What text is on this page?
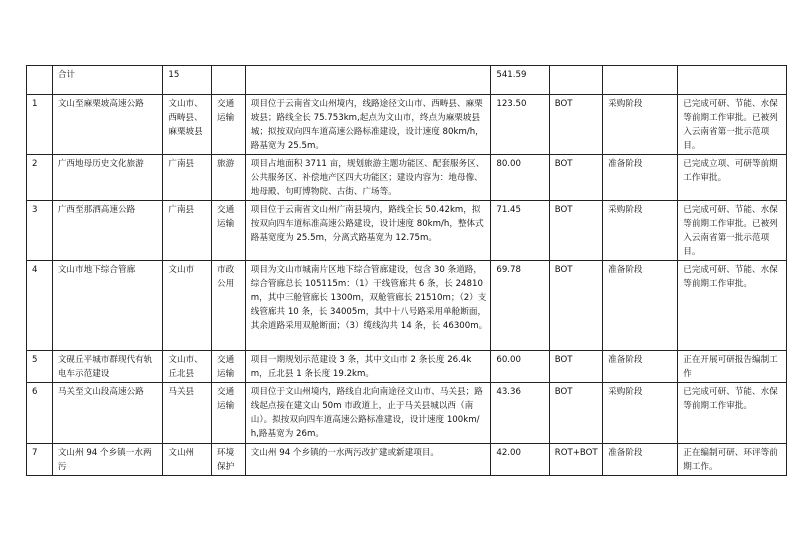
	合计	15			541.59			
1	文山至麻栗坡高速公路	文山市、西畴县、麻栗坡县	交通运输	项目位于云南省文山州境内，线路途径文山市、西畴县、麻栗坡县；路线全长 75.753km,起点为文山市，终点为麻栗坡县城；拟按双向四车道高速公路标准建设，设计速度 80km/h，路基宽为 25.5m。	123.50	BOT	采购阶段	已完成可研、节能、水保等前期工作审批。已被列入云南省第一批示范项目。
2	广西地母历史文化旅游	广南县	旅游	项目占地面积 3711 亩，规划旅游主题功能区、配套服务区、公共服务区、补偿地产区四大功能区；建设内容为：地母像、地母殿、句町博物院、古街、广场等。	80.00	BOT	准备阶段	已完成立项、可研等前期工作审批。
3	广西至那洒高速公路	广南县	交通运输	项目位于云南省文山州广南县境内，路线全长 50.42km，拟按双向四车道标准高速公路建设，设计速度 80km/h，整体式路基宽度为 25.5m，分离式路基宽为 12.75m。	71.45	BOT	采购阶段	已完成可研、节能、水保等前期工作审批。已被列入云南省第一批示范项目。
4	文山市地下综合管廊	文山市	市政公用	项目为文山市城南片区地下综合管廊建设，包含 30 条道路，综合管廊总长 105115m：（1）干线管廊共 6 条，长 24810m，其中三舱管廊长 1300m，双舱管廊长 21510m；（2）支线管廊共 10 条，长 34005m，其中十八号路采用单舱断面，其余道路采用双舱断面；（3）缆线沟共 14 条，长 46300m。	69.78	BOT	准备阶段	已完成可研、节能、水保等前期工作审批。
5	文砚丘平城市群现代有轨电车示范建设	文山市、丘北县	交通运输	项目一期规划示范建设 3 条，其中文山市 2 条长度 26.4km，丘北县 1 条长度 19.2km。	60.00	BOT	准备阶段	正在开展可研报告编制工作
6	马关至文山段高速公路	马关县	交通运输	项目位于文山州境内，路线自北向南途径文山市、马关县；路线起点接在建文山 50m 市政道上，止于马关县城以西（南山）。拟按双向四车道高速公路标准建设，设计速度 100km/h,路基宽为 26m。	43.36	BOT	采购阶段	已完成可研、节能、水保等前期工作审批。
7	文山州 94 个乡镇一水两污	文山州	环境保护	文山州 94 个乡镇的一水两污改扩建或新建项目。	42.00	ROT+BOT	准备阶段	正在编制可研、环评等前期工作。
